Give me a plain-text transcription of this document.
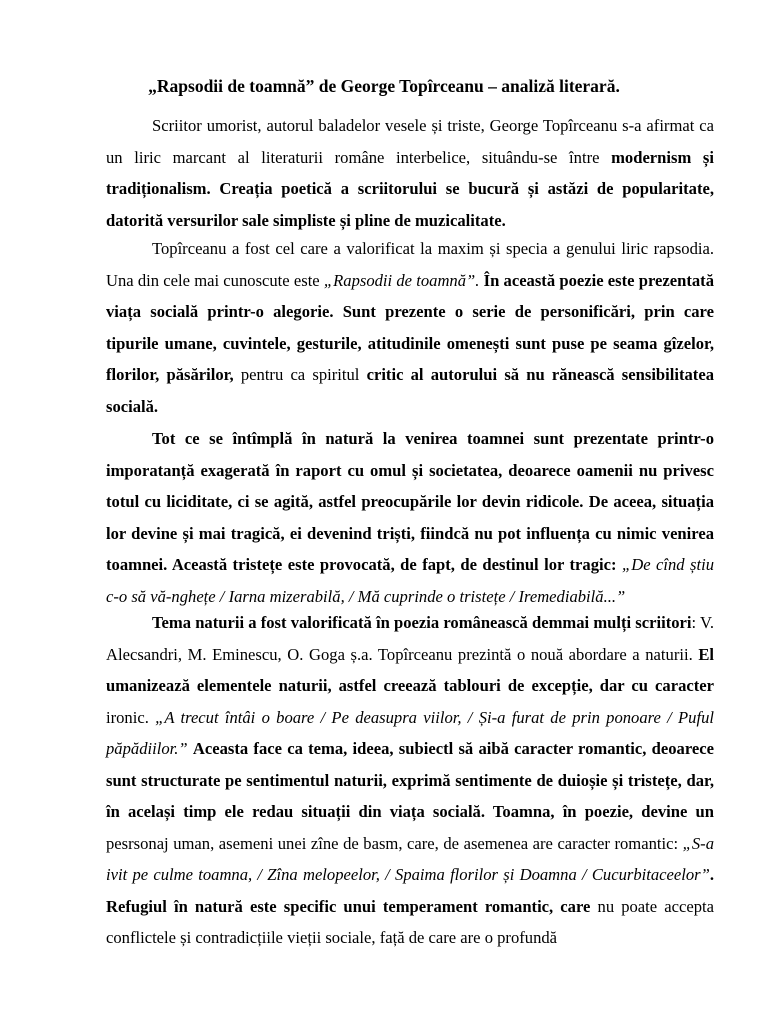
„Rapsodii de toamnă” de George Topîrceanu – analiză literară.

Scriitor umorist, autorul baladelor vesele și triste, George Topîrceanu s-a afirmat ca un liric marcant al literaturii române interbelice, situându-se între modernism și tradiționalism. Creația poetică a scriitorului se bucură și astăzi de popularitate, datorită versurilor sale simpliste și pline de muzicalitate.

Topîrceanu a fost cel care a valorificat la maxim și specia a genului liric rapsodia. Una din cele mai cunoscute este „Rapsodii de toamnă”. În această poezie este prezentată viața socială printr-o alegorie. Sunt prezente o serie de personificări, prin care tipurile umane, cuvintele, gesturile, atitudinile omenești sunt puse pe seama gîzelor, florilor, păsărilor, pentru ca spiritul critic al autorului să nu rănească sensibilitatea socială.

Tot ce se întîmplă în natură la venirea toamnei sunt prezentate printr-o imporatanță exagerată în raport cu omul și societatea, deoarece oamenii nu privesc totul cu liciditate, ci se agită, astfel preocupările lor devin ridicole. De aceea, situația lor devine și mai tragică, ei devenind triști, fiindcă nu pot influența cu nimic venirea toamnei. Această tristețe este provocată, de fapt, de destinul lor tragic: „De cînd știu c-o să vă-nghețe / Iarna mizerabilă, / Mă cuprinde o tristețe / Iremediabilă...”

Tema naturii a fost valorificată în poezia românească demmai mulți scriitori: V. Alecsandri, M. Eminescu, O. Goga ș.a. Topîrceanu prezintă o nouă abordare a naturii. El umanizează elementele naturii, astfel creează tablouri de excepție, dar cu caracter ironic. „A trecut întâi o boare / Pe deasupra viilor, / Și-a furat de prin ponoare / Puful păpădiilor.” Aceasta face ca tema, ideea, subiectl să aibă caracter romantic, deoarece sunt structurate pe sentimentul naturii, exprimă sentimente de duioșie și tristețe, dar, în același timp ele redau situații din viața socială. Toamna, în poezie, devine un pesrsonaj uman, asemeni unei zîne de basm, care, de asemenea are caracter romantic: „S-a ivit pe culme toamna, / Zîna melopeelor, / Spaima florilor și Doamna / Cucurbitaceelor”. Refugiul în natură este specific unui temperament romantic, care nu poate accepta conflictele și contradicțiile vieții sociale, față de care are o profundă
